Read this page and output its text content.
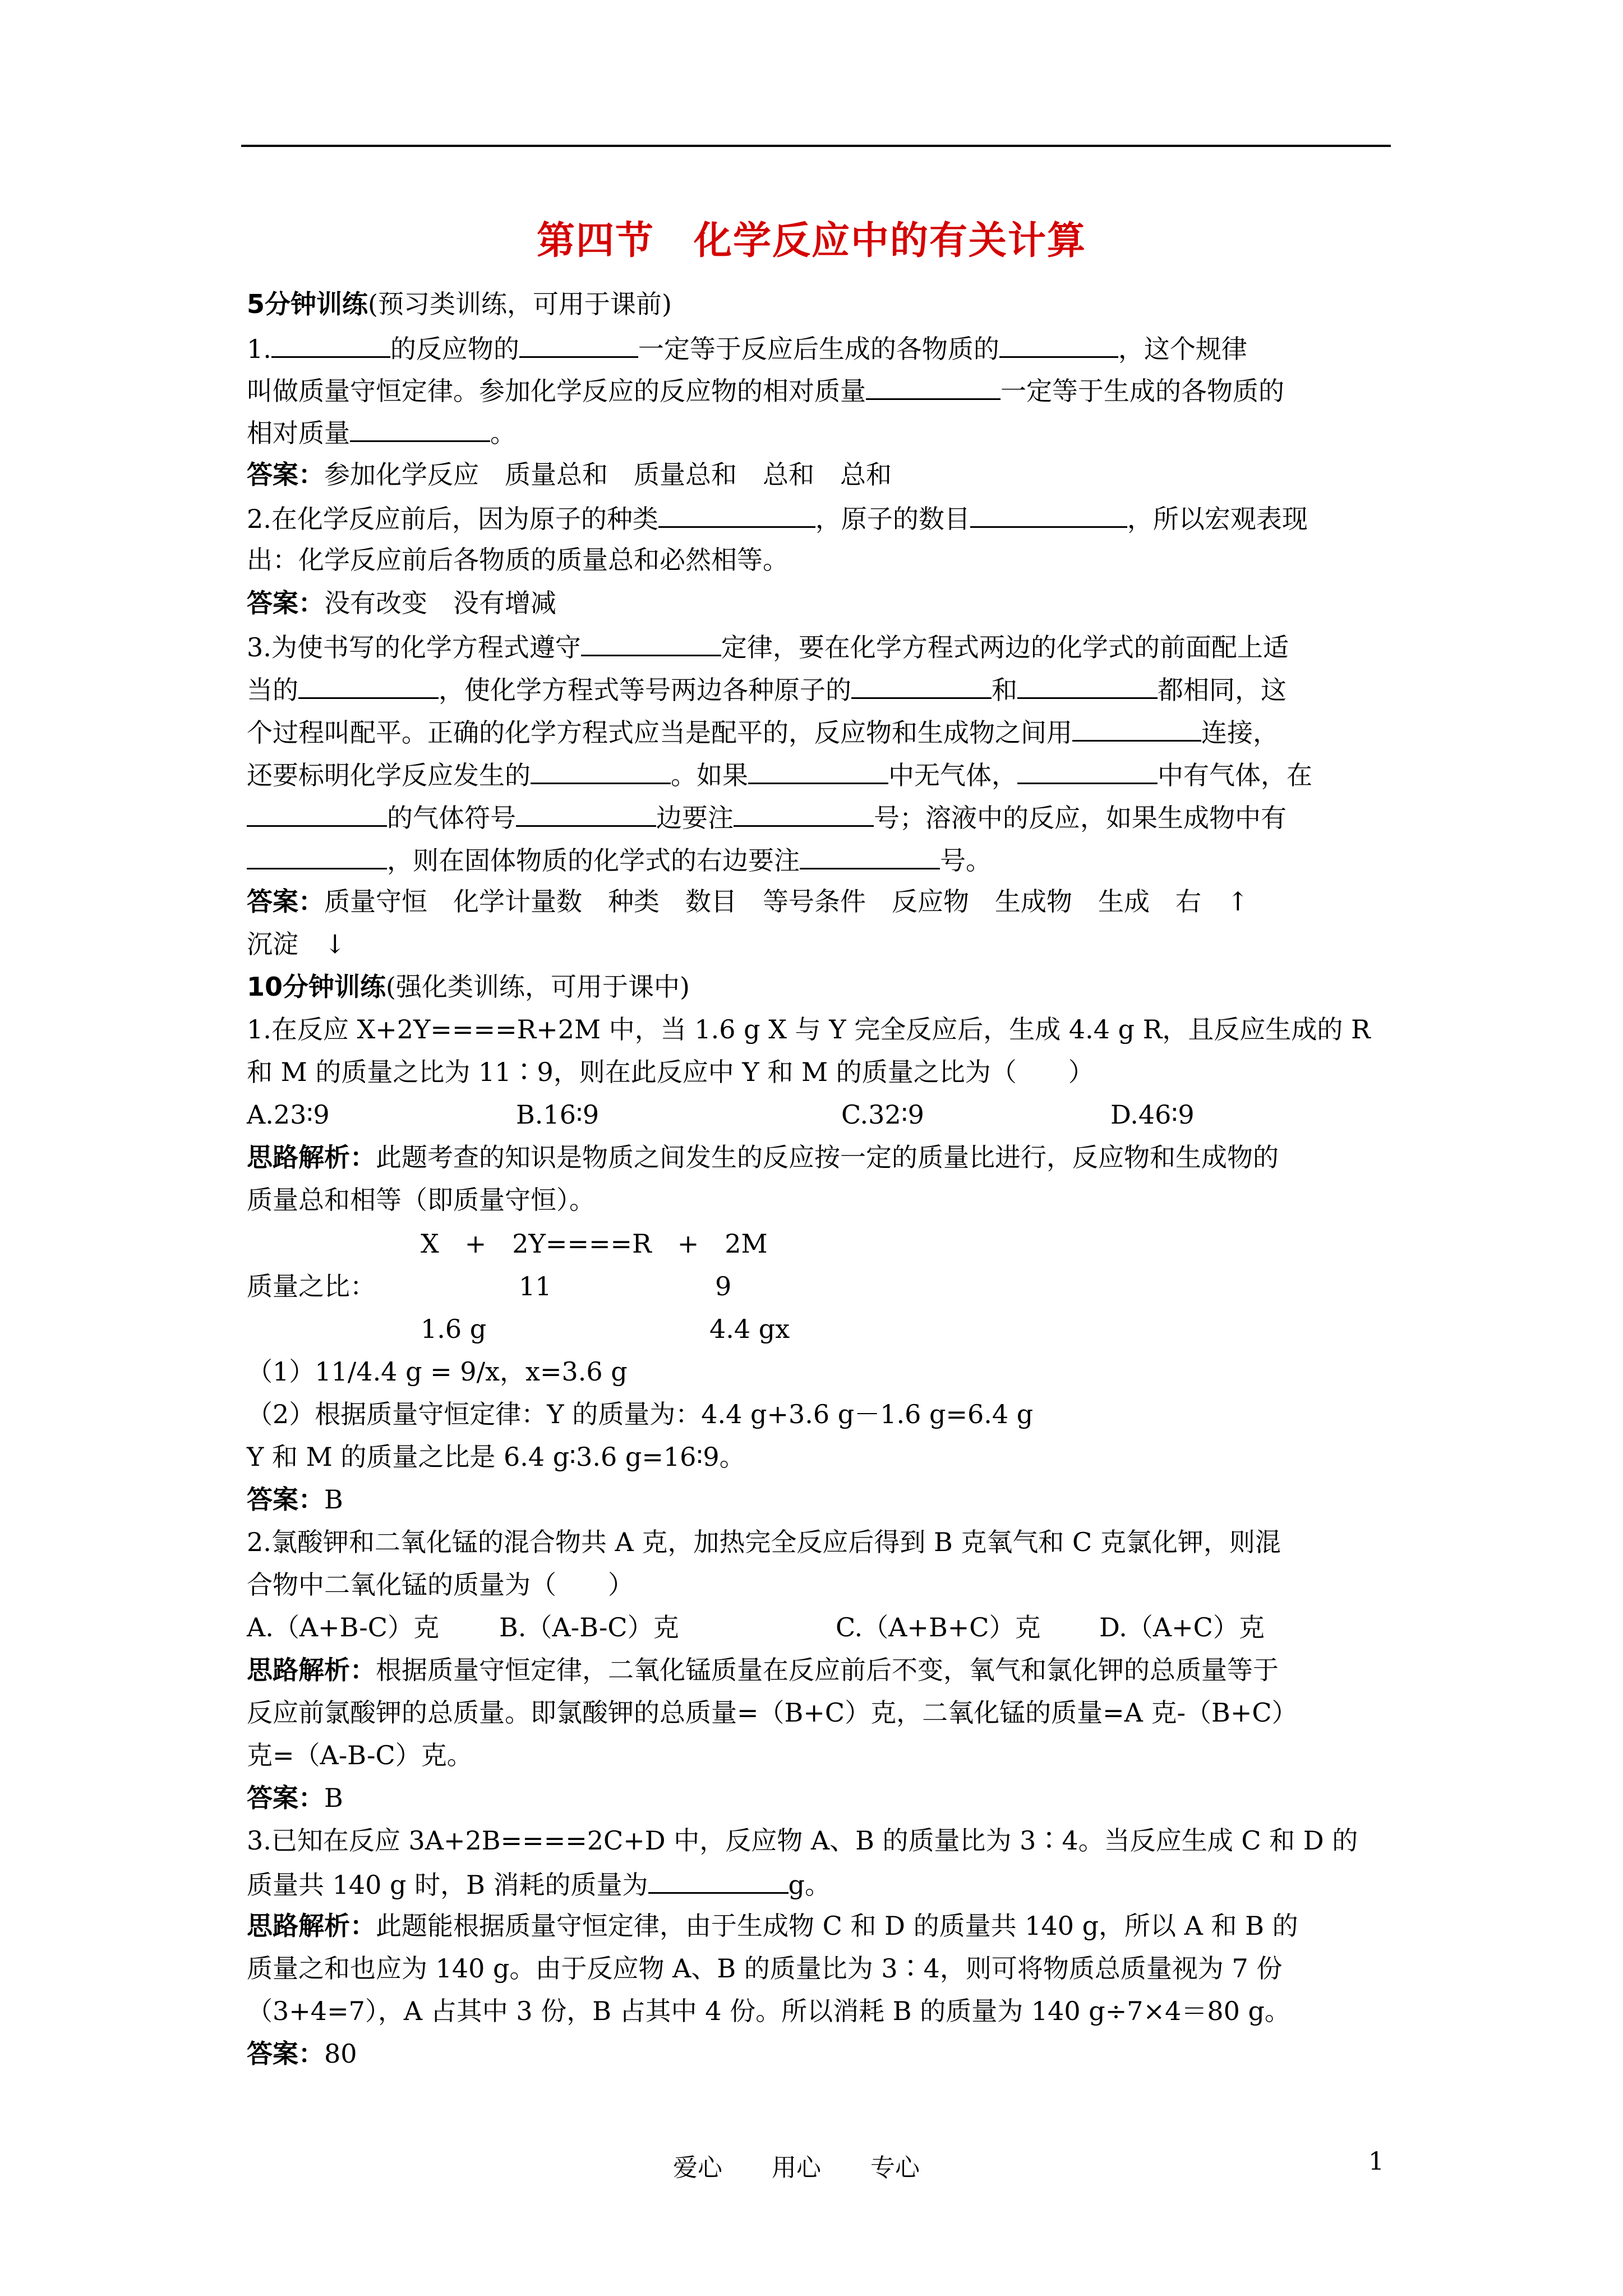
第四节　化学反应中的有关计算

5分钟训练(预习类训练，可用于课前)

1.	的反应物的	一定等于反应后生成的各物质的	，这个规律

叫做质量守恒定律。参加化学反应的反应物的相对质量	一定等于生成的各物质的

相对质量	。

答案：参加化学反应　质量总和　质量总和　总和　总和

2.在化学反应前后，因为原子的种类	，原子的数目	，所以宏观表现

出：化学反应前后各物质的质量总和必然相等。

答案：没有改变　没有增减

3.为使书写的化学方程式遵守	定律，要在化学方程式两边的化学式的前面配上适

当的	，使化学方程式等号两边各种原子的	和	都相同，这

个过程叫配平。正确的化学方程式应当是配平的，反应物和生成物之间用	连接，

还要标明化学反应发生的	。如果	中无气体，	中有气体，在

的气体符号	边要注	号；溶液中的反应，如果生成物中有

，则在固体物质的化学式的右边要注	号。

答案：质量守恒　化学计量数　种类　数目　等号条件　反应物　生成物　生成　右　↑

沉淀　↓

10分钟训练(强化类训练，可用于课中)

1.在反应 X+2Y====R+2M 中，当 1.6 g X 与 Y 完全反应后，生成 4.4 g R，且反应生成的 R

和 M 的质量之比为 11∶9，则在此反应中 Y 和 M 的质量之比为（　　）

A.23∶9	B.16∶9	C.32∶9	D.46∶9

思路解析：此题考查的知识是物质之间发生的反应按一定的质量比进行，反应物和生成物的

质量总和相等（即质量守恒）。

X　+　2Y====R　+　2M

质量之比：	11	9

1.6 g	4.4 gx

（1）11/4.4 g = 9/x，x=3.6 g

（2）根据质量守恒定律：Y 的质量为：4.4 g+3.6 g－1.6 g=6.4 g

Y 和 M 的质量之比是 6.4 g∶3.6 g=16∶9。

答案：B

2.氯酸钾和二氧化锰的混合物共 A 克，加热完全反应后得到 B 克氧气和 C 克氯化钾，则混

合物中二氧化锰的质量为（　　）

A.（A+B-C）克 B.（A-B-C）克	C.（A+B+C）克 D.（A+C）克

思路解析：根据质量守恒定律，二氧化锰质量在反应前后不变，氧气和氯化钾的总质量等于

反应前氯酸钾的总质量。即氯酸钾的总质量=（B+C）克，二氧化锰的质量=A 克-（B+C）

克=（A-B-C）克。

答案：B

3.已知在反应 3A+2B====2C+D 中，反应物 A、B 的质量比为 3∶4。当反应生成 C 和 D 的

质量共 140 g 时，B 消耗的质量为	g。

思路解析：此题能根据质量守恒定律，由于生成物 C 和 D 的质量共 140 g，所以 A 和 B 的

质量之和也应为 140 g。由于反应物 A、B 的质量比为 3∶4，则可将物质总质量视为 7 份

（3+4=7），A 占其中 3 份，B 占其中 4 份。所以消耗 B 的质量为 140 g÷7×4＝80 g。

答案：80

爱心　　用心　　专心	1
